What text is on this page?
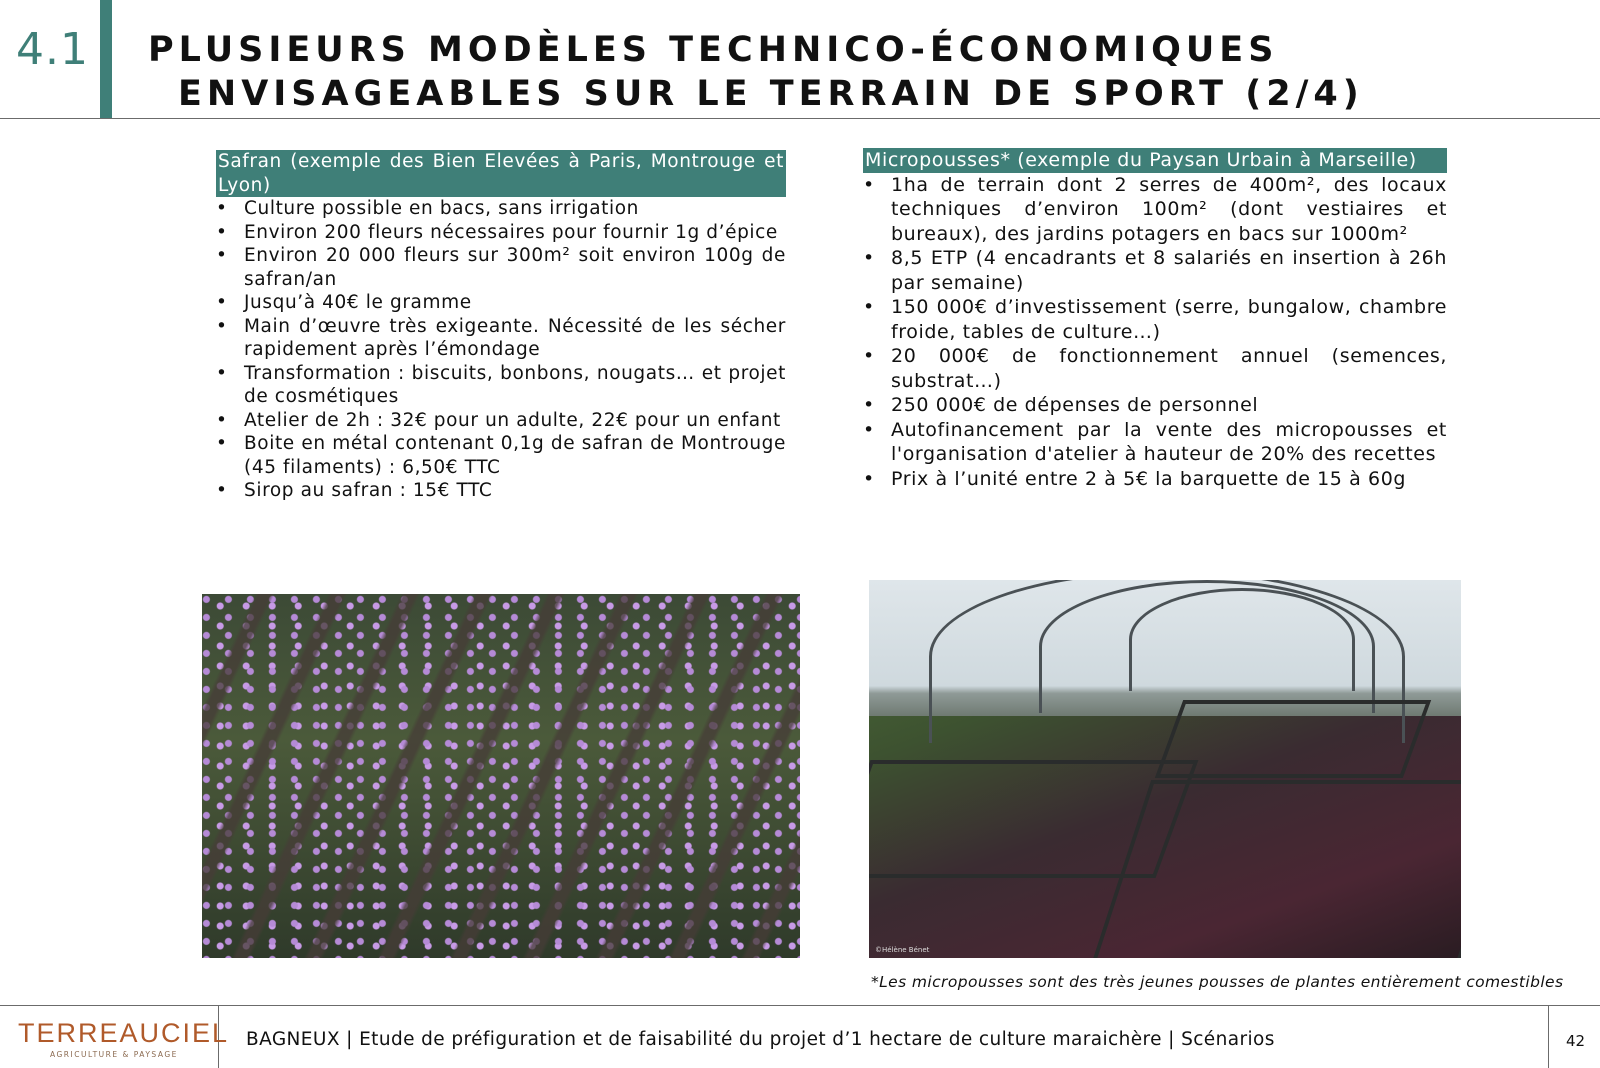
4.1 PLUSIEURS MODÈLES TECHNICO-ÉCONOMIQUES
ENVISAGEABLES SUR LE TERRAIN DE SPORT (2/4)
Safran (exemple des Bien Elevées à Paris, Montrouge et Lyon)
• Culture possible en bacs, sans irrigation
• Environ 200 fleurs nécessaires pour fournir 1g d’épice
• Environ 20 000 fleurs sur 300m² soit environ 100g de safran/an
• Jusqu’à 40€ le gramme
• Main d’œuvre très exigeante. Nécessité de les sécher rapidement après l’émondage
• Transformation : biscuits, bonbons, nougats… et projet de cosmétiques
• Atelier de 2h : 32€ pour un adulte, 22€ pour un enfant
• Boite en métal contenant 0,1g de safran de Montrouge (45 filaments) : 6,50€ TTC
• Sirop au safran : 15€ TTC
Micropousses* (exemple du Paysan Urbain à Marseille)
• 1ha de terrain dont 2 serres de 400m², des locaux techniques d’environ 100m² (dont vestiaires et bureaux), des jardins potagers en bacs sur 1000m²
• 8,5 ETP (4 encadrants et 8 salariés en insertion à 26h par semaine)
• 150 000€ d’investissement (serre, bungalow, chambre froide, tables de culture…)
• 20 000€ de fonctionnement annuel (semences, substrat…)
• 250 000€ de dépenses de personnel
• Autofinancement par la vente des micropousses et l'organisation d'atelier à hauteur de 20% des recettes
• Prix à l’unité entre 2 à 5€ la barquette de 15 à 60g
©Hélène Bénet
*Les micropousses sont des très jeunes pousses de plantes entièrement comestibles
TERREAUCIEL
AGRICULTURE & PAYSAGE
BAGNEUX | Etude de préfiguration et de faisabilité du projet d’1 hectare de culture maraichère | Scénarios	42
